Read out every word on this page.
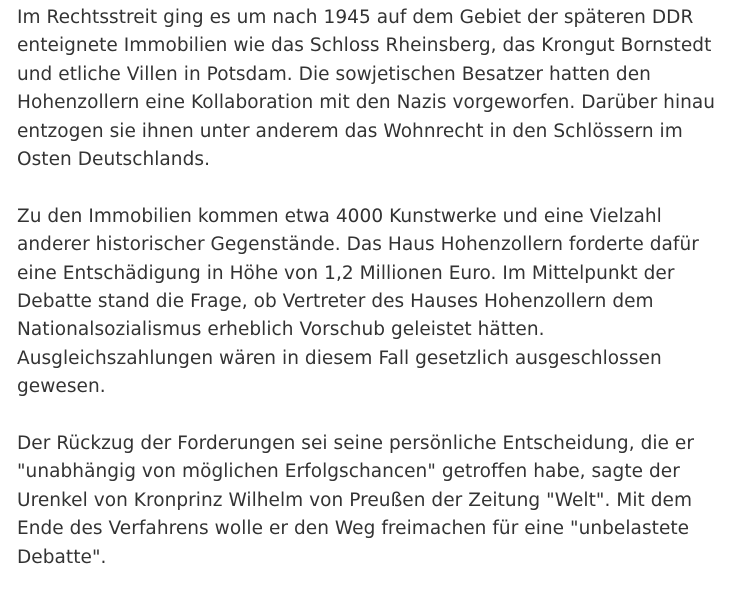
Im Rechtsstreit ging es um nach 1945 auf dem Gebiet der späteren DDR
enteignete Immobilien wie das Schloss Rheinsberg, das Krongut Bornstedt
und etliche Villen in Potsdam. Die sowjetischen Besatzer hatten den
Hohenzollern eine Kollaboration mit den Nazis vorgeworfen. Darüber hinau
entzogen sie ihnen unter anderem das Wohnrecht in den Schlössern im
Osten Deutschlands.

Zu den Immobilien kommen etwa 4000 Kunstwerke und eine Vielzahl
anderer historischer Gegenstände. Das Haus Hohenzollern forderte dafür
eine Entschädigung in Höhe von 1,2 Millionen Euro. Im Mittelpunkt der
Debatte stand die Frage, ob Vertreter des Hauses Hohenzollern dem
Nationalsozialismus erheblich Vorschub geleistet hätten.
Ausgleichszahlungen wären in diesem Fall gesetzlich ausgeschlossen
gewesen.

Der Rückzug der Forderungen sei seine persönliche Entscheidung, die er
"unabhängig von möglichen Erfolgschancen" getroffen habe, sagte der
Urenkel von Kronprinz Wilhelm von Preußen der Zeitung "Welt". Mit dem
Ende des Verfahrens wolle er den Weg freimachen für eine "unbelastete
Debatte".
